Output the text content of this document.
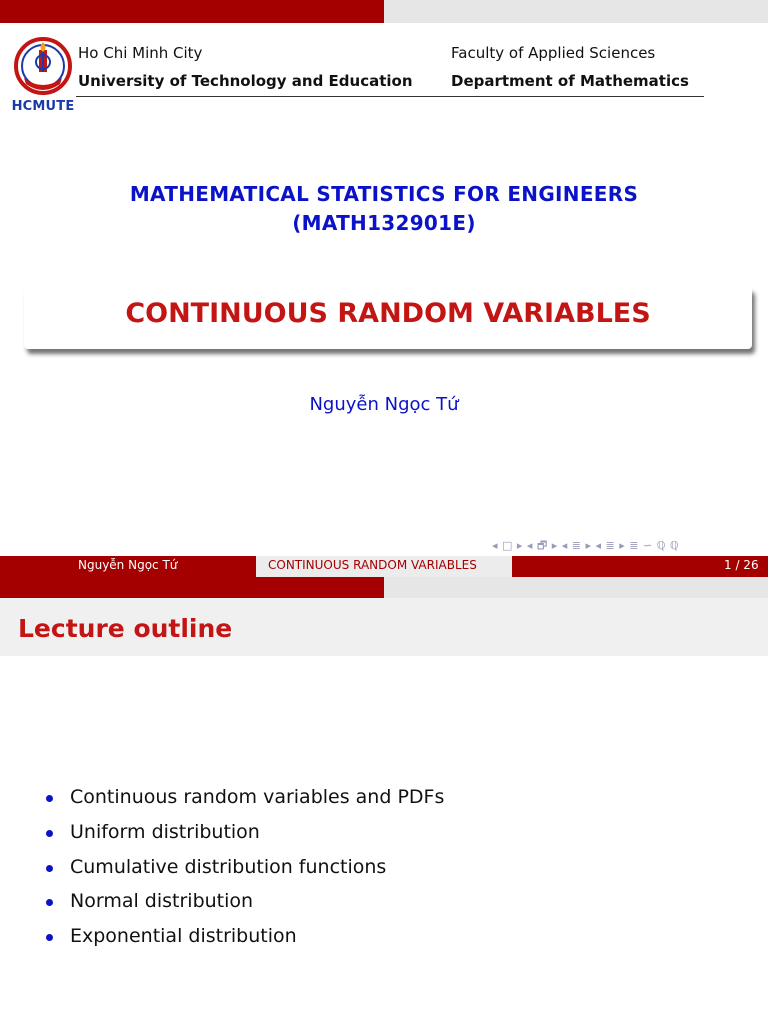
HCMUTE
Ho Chi Minh City
University of Technology and Education
Faculty of Applied Sciences
Department of Mathematics
MATHEMATICAL STATISTICS FOR ENGINEERS
(MATH132901E)
CONTINUOUS RANDOM VARIABLES
Nguyễn Ngọc Tứ
◂ □ ▸ ◂ 🗗 ▸ ◂ ≣ ▸ ◂ ≣ ▸ ≣ ∽ ℚ ℚ
Nguyễn Ngọc Tứ	CONTINUOUS RANDOM VARIABLES	1 / 26
Lecture outline
Continuous random variables and PDFs
Uniform distribution
Cumulative distribution functions
Normal distribution
Exponential distribution
